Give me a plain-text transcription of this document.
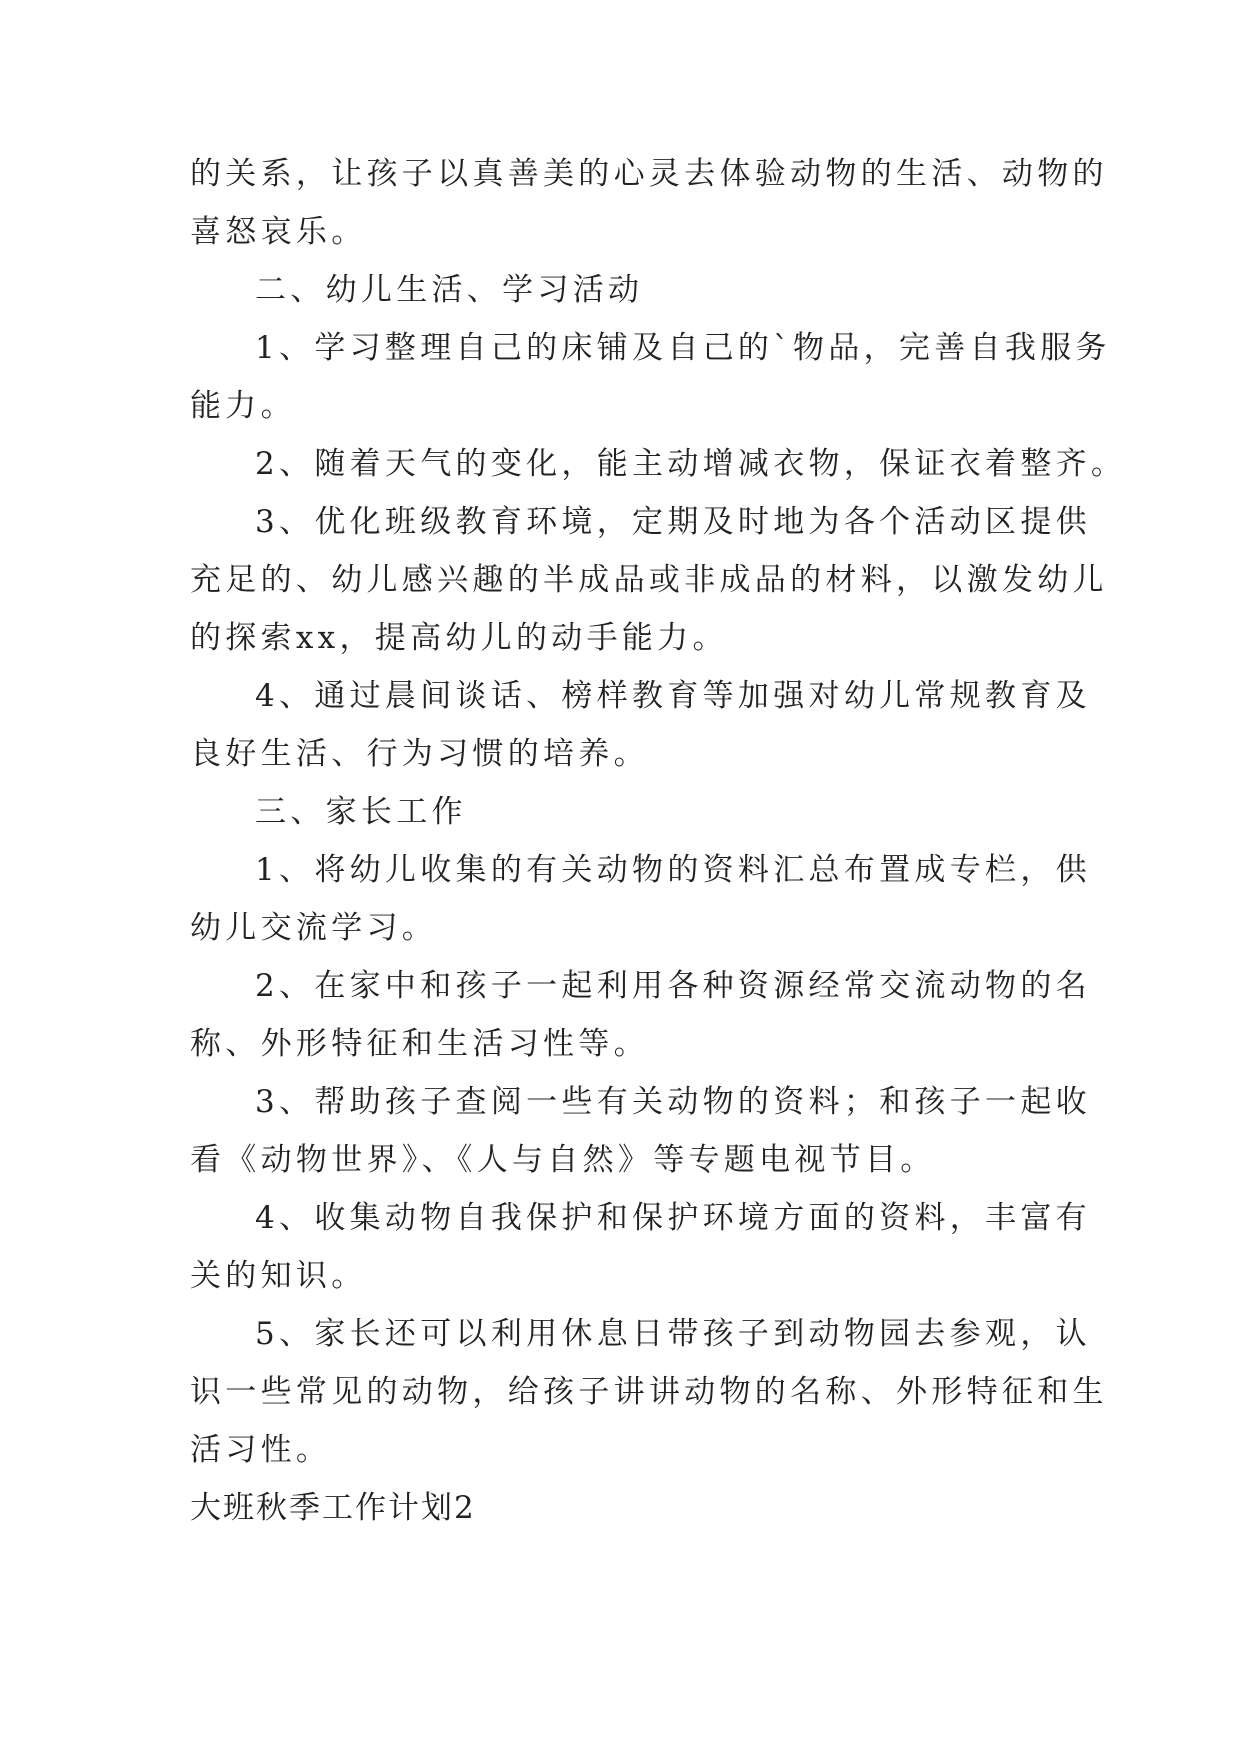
的关系，让孩子以真善美的心灵去体验动物的生活、动物的
喜怒哀乐。
二、幼儿生活、学习活动
1、学习整理自己的床铺及自己的`物品，完善自我服务
能力。
2、随着天气的变化，能主动增减衣物，保证衣着整齐。
3、优化班级教育环境，定期及时地为各个活动区提供
充足的、幼儿感兴趣的半成品或非成品的材料，以激发幼儿
的探索xx，提高幼儿的动手能力。
4、通过晨间谈话、榜样教育等加强对幼儿常规教育及
良好生活、行为习惯的培养。
三、家长工作
1、将幼儿收集的有关动物的资料汇总布置成专栏，供
幼儿交流学习。
2、在家中和孩子一起利用各种资源经常交流动物的名
称、外形特征和生活习性等。
3、帮助孩子查阅一些有关动物的资料；和孩子一起收
看《动物世界》、《人与自然》等专题电视节目。
4、收集动物自我保护和保护环境方面的资料，丰富有
关的知识。
5、家长还可以利用休息日带孩子到动物园去参观，认
识一些常见的动物，给孩子讲讲动物的名称、外形特征和生
活习性。
大班秋季工作计划2
